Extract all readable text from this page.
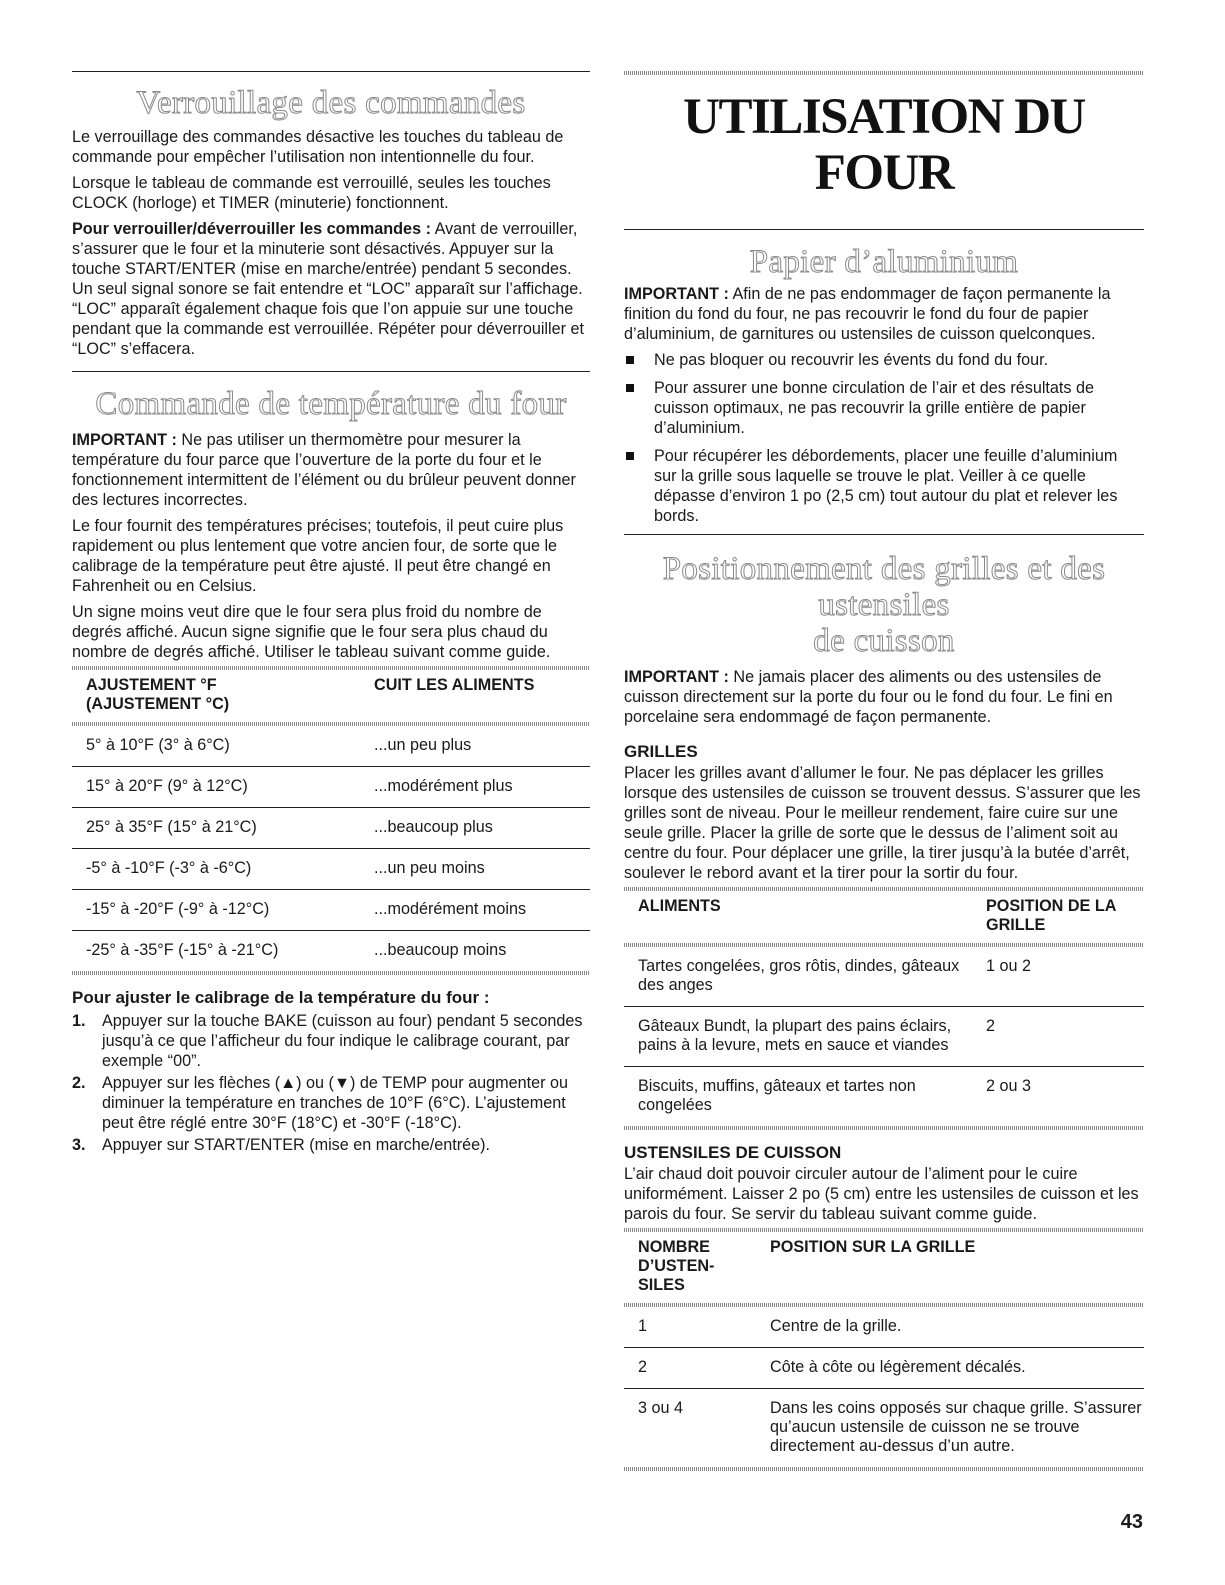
Verrouillage des commandes

Le verrouillage des commandes désactive les touches du tableau de commande pour empêcher l’utilisation non intentionnelle du four.

Lorsque le tableau de commande est verrouillé, seules les touches CLOCK (horloge) et TIMER (minuterie) fonctionnent.

Pour verrouiller/déverrouiller les commandes : Avant de verrouiller, s’assurer que le four et la minuterie sont désactivés. Appuyer sur la touche START/ENTER (mise en marche/entrée) pendant 5 secondes. Un seul signal sonore se fait entendre et “LOC” apparaît sur l’affichage. “LOC” apparaît également chaque fois que l’on appuie sur une touche pendant que la commande est verrouillée. Répéter pour déverrouiller et “LOC” s’effacera.

Commande de température du four

IMPORTANT : Ne pas utiliser un thermomètre pour mesurer la température du four parce que l’ouverture de la porte du four et le fonctionnement intermittent de l’élément ou du brûleur peuvent donner des lectures incorrectes.

Le four fournit des températures précises; toutefois, il peut cuire plus rapidement ou plus lentement que votre ancien four, de sorte que le calibrage de la température peut être ajusté. Il peut être changé en Fahrenheit ou en Celsius.

Un signe moins veut dire que le four sera plus froid du nombre de degrés affiché. Aucun signe signifie que le four sera plus chaud du nombre de degrés affiché. Utiliser le tableau suivant comme guide.

AJUSTEMENT °F
(AJUSTEMENT °C)	CUIT LES ALIMENTS
5° à 10°F (3° à 6°C)	...un peu plus
15° à 20°F (9° à 12°C)	...modérément plus
25° à 35°F (15° à 21°C)	...beaucoup plus
-5° à -10°F (-3° à -6°C)	...un peu moins
-15° à -20°F (-9° à -12°C)	...modérément moins
-25° à -35°F (-15° à -21°C)	...beaucoup moins
Pour ajuster le calibrage de la température du four :
1. Appuyer sur la touche BAKE (cuisson au four) pendant 5 secondes jusqu’à ce que l’afficheur du four indique le calibrage courant, par exemple “00”.
2. Appuyer sur les flèches (▲) ou (▼) de TEMP pour augmenter ou diminuer la température en tranches de 10°F (6°C). L’ajustement peut être réglé entre 30°F (18°C) et -30°F (-18°C).
3. Appuyer sur START/ENTER (mise en marche/entrée).
UTILISATION DU FOUR
Papier d’aluminium

IMPORTANT : Afin de ne pas endommager de façon permanente la finition du fond du four, ne pas recouvrir le fond du four de papier d’aluminium, de garnitures ou ustensiles de cuisson quelconques.

Ne pas bloquer ou recouvrir les évents du fond du four.
Pour assurer une bonne circulation de l’air et des résultats de cuisson optimaux, ne pas recouvrir la grille entière de papier d’aluminium.
Pour récupérer les débordements, placer une feuille d’aluminium sur la grille sous laquelle se trouve le plat. Veiller à ce quelle dépasse d’environ 1 po (2,5 cm) tout autour du plat et relever les bords.
Positionnement des grilles et des ustensiles
de cuisson

IMPORTANT : Ne jamais placer des aliments ou des ustensiles de cuisson directement sur la porte du four ou le fond du four. Le fini en porcelaine sera endommagé de façon permanente.

GRILLES

Placer les grilles avant d’allumer le four. Ne pas déplacer les grilles lorsque des ustensiles de cuisson se trouvent dessus. S’assurer que les grilles sont de niveau. Pour le meilleur rendement, faire cuire sur une seule grille. Placer la grille de sorte que le dessus de l’aliment soit au centre du four. Pour déplacer une grille, la tirer jusqu’à la butée d’arrêt, soulever le rebord avant et la tirer pour la sortir du four.

ALIMENTS	POSITION DE LA
GRILLE
Tartes congelées, gros rôtis, dindes, gâteaux des anges	1 ou 2
Gâteaux Bundt, la plupart des pains éclairs, pains à la levure, mets en sauce et viandes	2
Biscuits, muffins, gâteaux et tartes non congelées	2 ou 3
USTENSILES DE CUISSON

L’air chaud doit pouvoir circuler autour de l’aliment pour le cuire uniformément. Laisser 2 po (5 cm) entre les ustensiles de cuisson et les parois du four. Se servir du tableau suivant comme guide.

NOMBRE
D’USTEN-
SILES	POSITION SUR LA GRILLE
1	Centre de la grille.
2	Côte à côte ou légèrement décalés.
3 ou 4	Dans les coins opposés sur chaque grille. S’assurer qu’aucun ustensile de cuisson ne se trouve directement au-dessus d’un autre.
43
